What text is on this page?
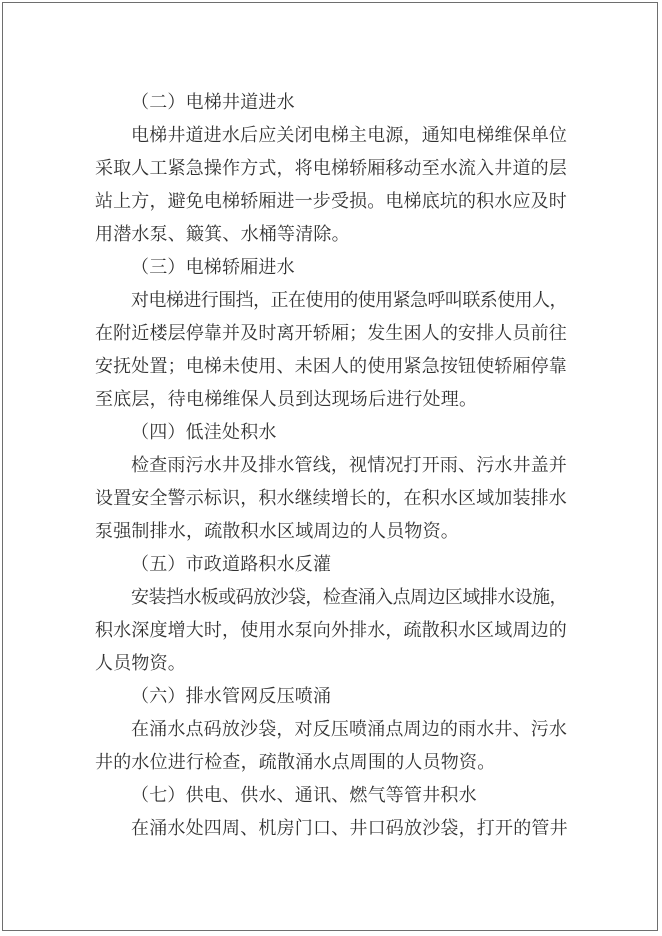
（二）电梯井道进水
电梯井道进水后应关闭电梯主电源，通知电梯维保单位
采取人工紧急操作方式，将电梯轿厢移动至水流入井道的层
站上方，避免电梯轿厢进一步受损。电梯底坑的积水应及时
用潜水泵、簸箕、水桶等清除。
（三）电梯轿厢进水
对电梯进行围挡，正在使用的使用紧急呼叫联系使用人，
在附近楼层停靠并及时离开轿厢；发生困人的安排人员前往
安抚处置；电梯未使用、未困人的使用紧急按钮使轿厢停靠
至底层，待电梯维保人员到达现场后进行处理。
（四）低洼处积水
检查雨污水井及排水管线，视情况打开雨、污水井盖并
设置安全警示标识，积水继续增长的，在积水区域加装排水
泵强制排水，疏散积水区域周边的人员物资。
（五）市政道路积水反灌
安装挡水板或码放沙袋，检查涌入点周边区域排水设施，
积水深度增大时，使用水泵向外排水，疏散积水区域周边的
人员物资。
（六）排水管网反压喷涌
在涌水点码放沙袋，对反压喷涌点周边的雨水井、污水
井的水位进行检查，疏散涌水点周围的人员物资。
（七）供电、供水、通讯、燃气等管井积水
在涌水处四周、机房门口、井口码放沙袋，打开的管井
